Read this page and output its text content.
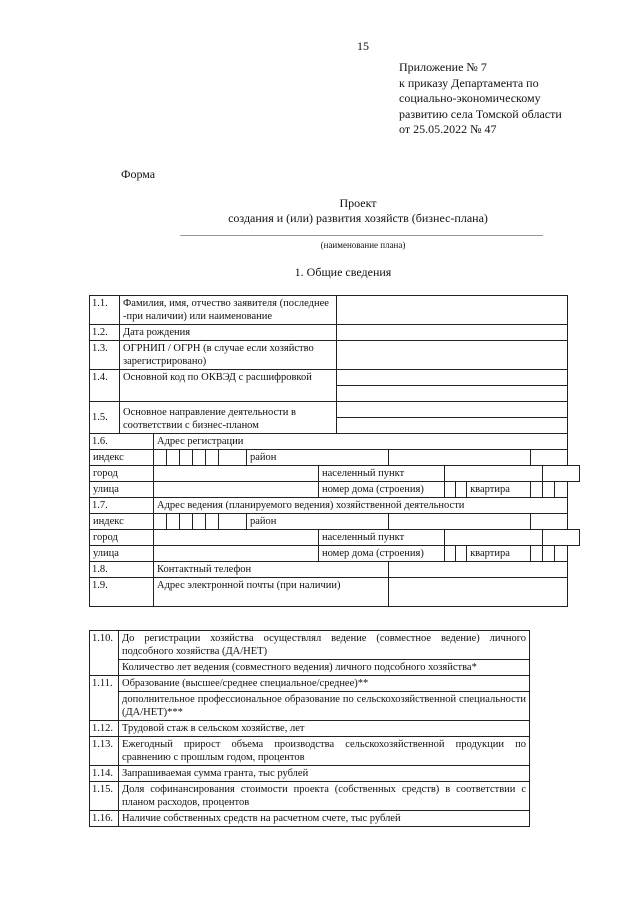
15
Приложение № 7
к приказу Департамента по
социально-экономическому
развитию села Томской области
от 25.05.2022 № 47
Форма
Проект
создания и (или) развития хозяйств (бизнес-плана)
(наименование плана)
1. Общие сведения
1.1.	Фамилия, имя, отчество заявителя (последнее -при наличии) или наименование																
1.2.	Дата рождения																
1.3.	ОГРНИП / ОГРН (в случае если хозяйство зарегистрировано)																
1.4.	Основной код по ОКВЭД с расшифровкой																

1.5.	Основное направление деятельности в соответствии с бизнес-планом																

1.6.		Адрес регистрации															
индекс								район									
город									населенный пункт								
улица									номер дома (строения)					квартира			
1.7.		Адрес ведения (планируемого ведения) хозяйственной деятельности															
индекс								район									
город									населенный пункт								
улица									номер дома (строения)					квартира			
1.8.		Контактный телефон															
1.9.		Адрес электронной почты (при наличии)															
1.10.	До регистрации хозяйства осуществлял ведение (совместное ведение) личного подсобного хозяйства (ДА/НЕТ)
	Количество лет ведения (совместного ведения) личного подсобного хозяйства*
1.11.	Образование (высшее/среднее специальное/среднее)**
	дополнительное профессиональное образование по сельскохозяйственной специальности (ДА/НЕТ)***
1.12.	Трудовой стаж в сельском хозяйстве, лет
1.13.	Ежегодный прирост объема производства сельскохозяйственной продукции по сравнению с прошлым годом, процентов
1.14.	Запрашиваемая сумма гранта, тыс рублей
1.15.	Доля софинансирования стоимости проекта (собственных средств) в соответствии с планом расходов, процентов
1.16.	Наличие собственных средств на расчетном счете, тыс рублей
